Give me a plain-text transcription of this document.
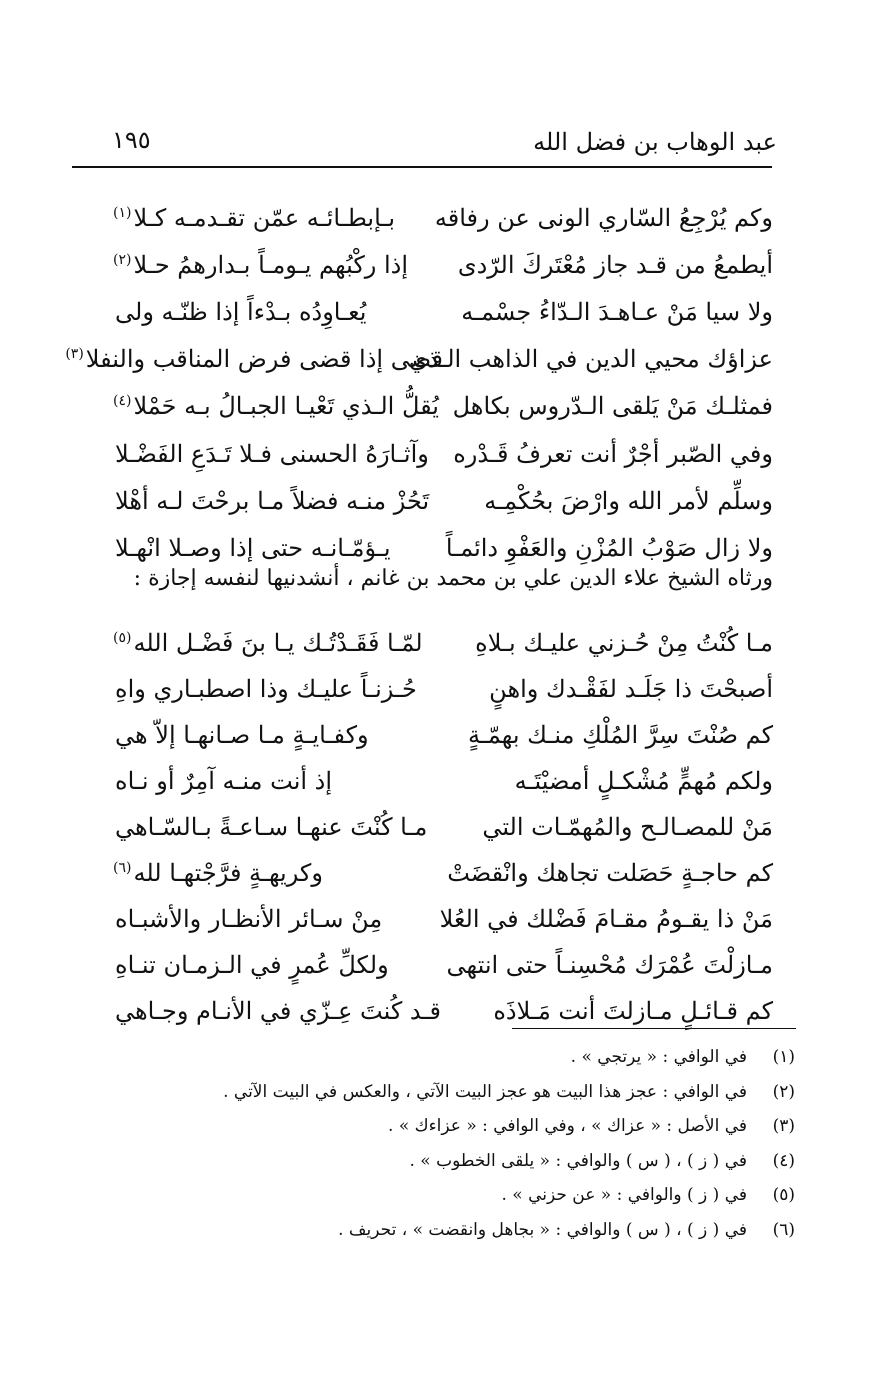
عبد الوهاب بن فضل الله
١٩٥
وكم يُرْجِعُ السّاري الونى عن رفاقه
بـإبطـائـه عمّن تقـدمـه كـلا$^{(١)}$
أيطمعُ من قـد جاز مُعْتَركَ الرّدى
إذا ركْبُهم يـومـاً بـدارهمُ حـلا$^{(٢)}$
ولا سيا مَنْ عـاهـدَ الـدّاءُ جسْمـه
يُعـاوِدُه بـدْءاً إذا ظنّـه ولى
عزاؤك محيي الدين في الذاهب الـذي
قضى إذا قضى فرض المناقب والنفلا$^{(٣)}$
فمثلـك مَنْ يَلقى الـدّروس بكاهل
يُقلُّ الـذي تَعْيـا الجبـالُ بـه حَمْلا$^{(٤)}$
وفي الصّبر أجْرٌ أنت تعرفُ قَـدْره
وآثـارَهُ الحسنى فـلا تَـدَعِ الفَضْـلا
وسلِّم لأمر الله وارْضَ بحُكْمِـه
تَحُزْ منـه فضلاً مـا برحْتَ لـه أهْلا
ولا زال صَوْبُ المُزْنِ والعَفْوِ دائمـاً
يـؤمّـانـه حتى إذا وصـلا انْهـلا
ورثاه الشيخ علاء الدين علي بن محمد بن غانم ، أنشدنيها لنفسه إجازة :
مـا كُنْتُ مِنْ حُـزني عليـك بـلاهِ
لمّـا فَقَـدْتُـك يـا بنَ فَضْـل الله$^{(٥)}$
أصبحْتَ ذا جَلَـد لفَقْـدك واهنٍ
حُـزنـاً عليـك وذا اصطبـاري واهِ
كم صُنْتَ سِرَّ المُلْكِ منـك بهمّـةٍ
وكفـايـةٍ مـا صـانهـا إلاّ هي
ولكم مُهمٍّ مُشْكـلٍ أمضيْتَـه
إذ أنت منـه آمِرٌ أو نـاه
مَنْ للمصـالـح والمُهمّـات التي
مـا كُنْتَ عنهـا سـاعـةً بـالسّـاهي
كم حاجـةٍ حَصَلت تجاهك وانْقضَتْ
وكريهـةٍ فرَّجْتهـا لله$^{(٦)}$
مَنْ ذا يقـومُ مقـامَ فَضْلك في العُلا
مِنْ سـائر الأنظـار والأشبـاه
مـازلْتَ عُمْرَك مُحْسِنـاً حتى انتهى
ولكلِّ عُمرٍ في الـزمـان تنـاهِ
كم قـائـلٍ مـازلتَ أنت مَـلاذَه
قـد كُنتَ عِـزّي في الأنـام وجـاهي
(١)
في الوافي : « يرتجي » .
(٢)
في الوافي : عجز هذا البيت هو عجز البيت الآتي ، والعكس في البيت الآتي .
(٣)
في الأصل : « عزاك » ، وفي الوافي : « عزاءك » .
(٤)
في ( ز ) ، ( س ) والوافي : « يلقى الخطوب » .
(٥)
في ( ز ) والوافي : « عن حزني » .
(٦)
في ( ز ) ، ( س ) والوافي : « بجاهل وانقضت » ، تحريف .
